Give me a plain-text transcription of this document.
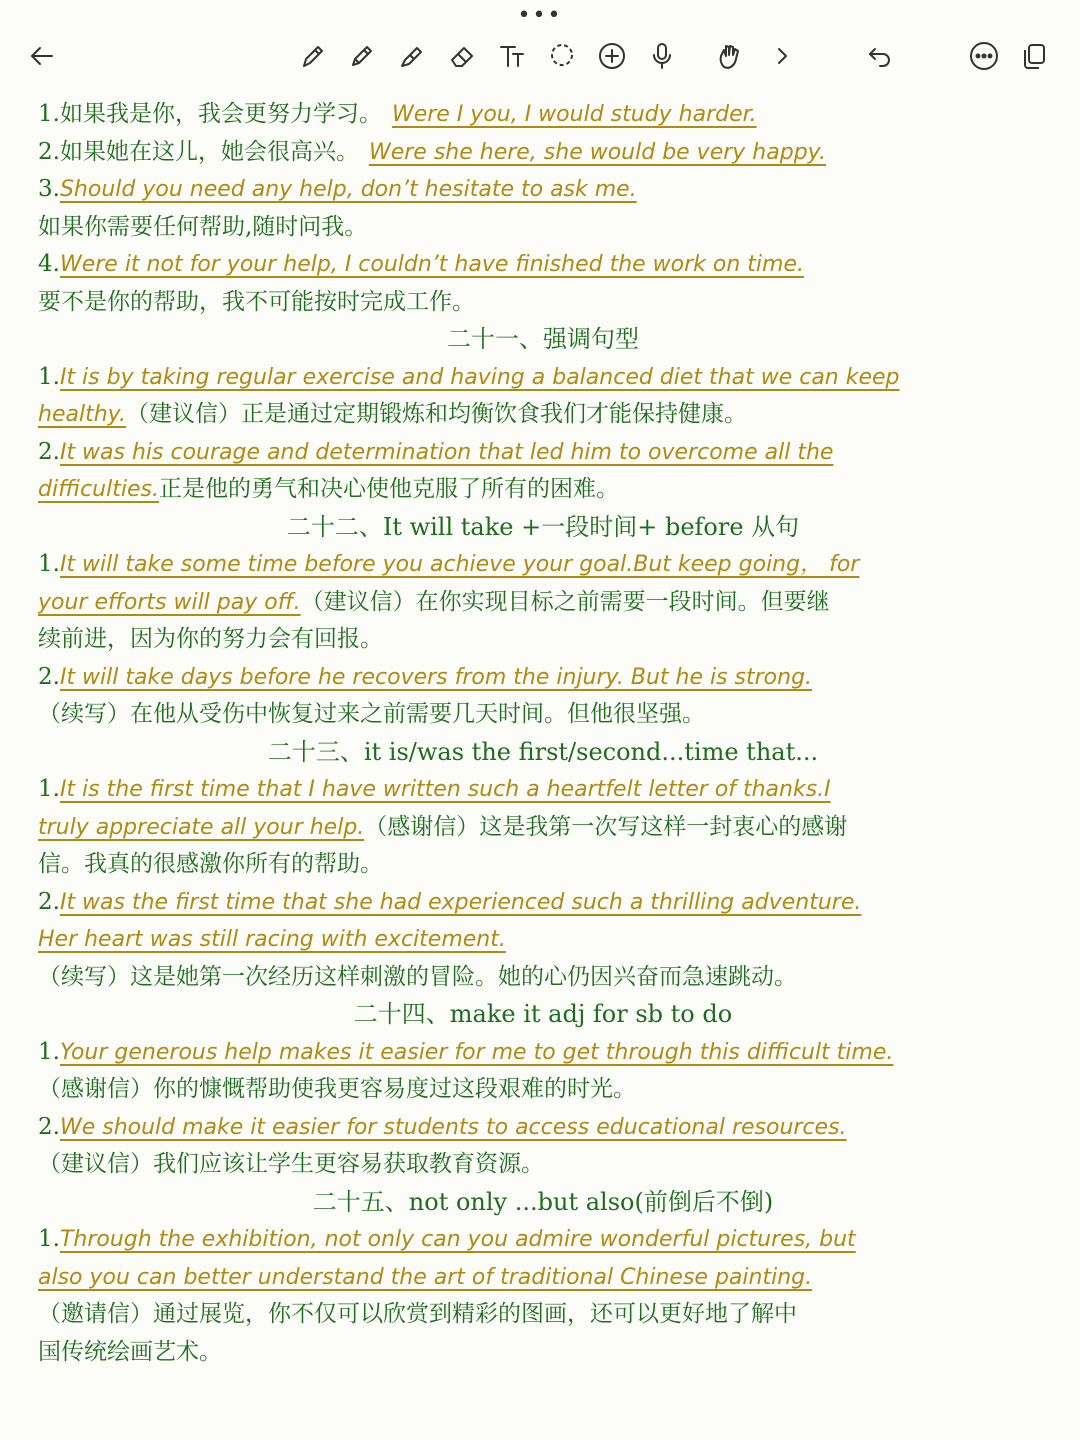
•••
1.如果我是你，我会更努力学习。 Were I you, I would study harder.
2.如果她在这儿，她会很高兴。 Were she here, she would be very happy.
3.Should you need any help, don’t hesitate to ask me.
如果你需要任何帮助,随时问我。
4.Were it not for your help, I couldn’t have finished the work on time.
要不是你的帮助，我不可能按时完成工作。
二十一、强调句型
1.It is by taking regular exercise and having a balanced diet that we can keep
healthy.（建议信）正是通过定期锻炼和均衡饮食我们才能保持健康。
2.It was his courage and determination that led him to overcome all the
difficulties.正是他的勇气和决心使他克服了所有的困难。
二十二、It will take +一段时间+ before 从句
1.It will take some time before you achieve your goal.But keep going， for
your efforts will pay off.（建议信）在你实现目标之前需要一段时间。但要继
续前进，因为你的努力会有回报。
2.It will take days before he recovers from the injury. But he is strong.
（续写）在他从受伤中恢复过来之前需要几天时间。但他很坚强。
二十三、it is/was the first/second...time that...
1.It is the first time that I have written such a heartfelt letter of thanks.I
truly appreciate all your help.（感谢信）这是我第一次写这样一封衷心的感谢
信。我真的很感激你所有的帮助。
2.It was the first time that she had experienced such a thrilling adventure.
Her heart was still racing with excitement.
（续写）这是她第一次经历这样刺激的冒险。她的心仍因兴奋而急速跳动。
二十四、make it adj for sb to do
1.Your generous help makes it easier for me to get through this difficult time.
（感谢信）你的慷慨帮助使我更容易度过这段艰难的时光。
2.We should make it easier for students to access educational resources.
（建议信）我们应该让学生更容易获取教育资源。
二十五、not only ...but also(前倒后不倒)
1.Through the exhibition, not only can you admire wonderful pictures, but
also you can better understand the art of traditional Chinese painting.
（邀请信）通过展览，你不仅可以欣赏到精彩的图画，还可以更好地了解中
国传统绘画艺术。
